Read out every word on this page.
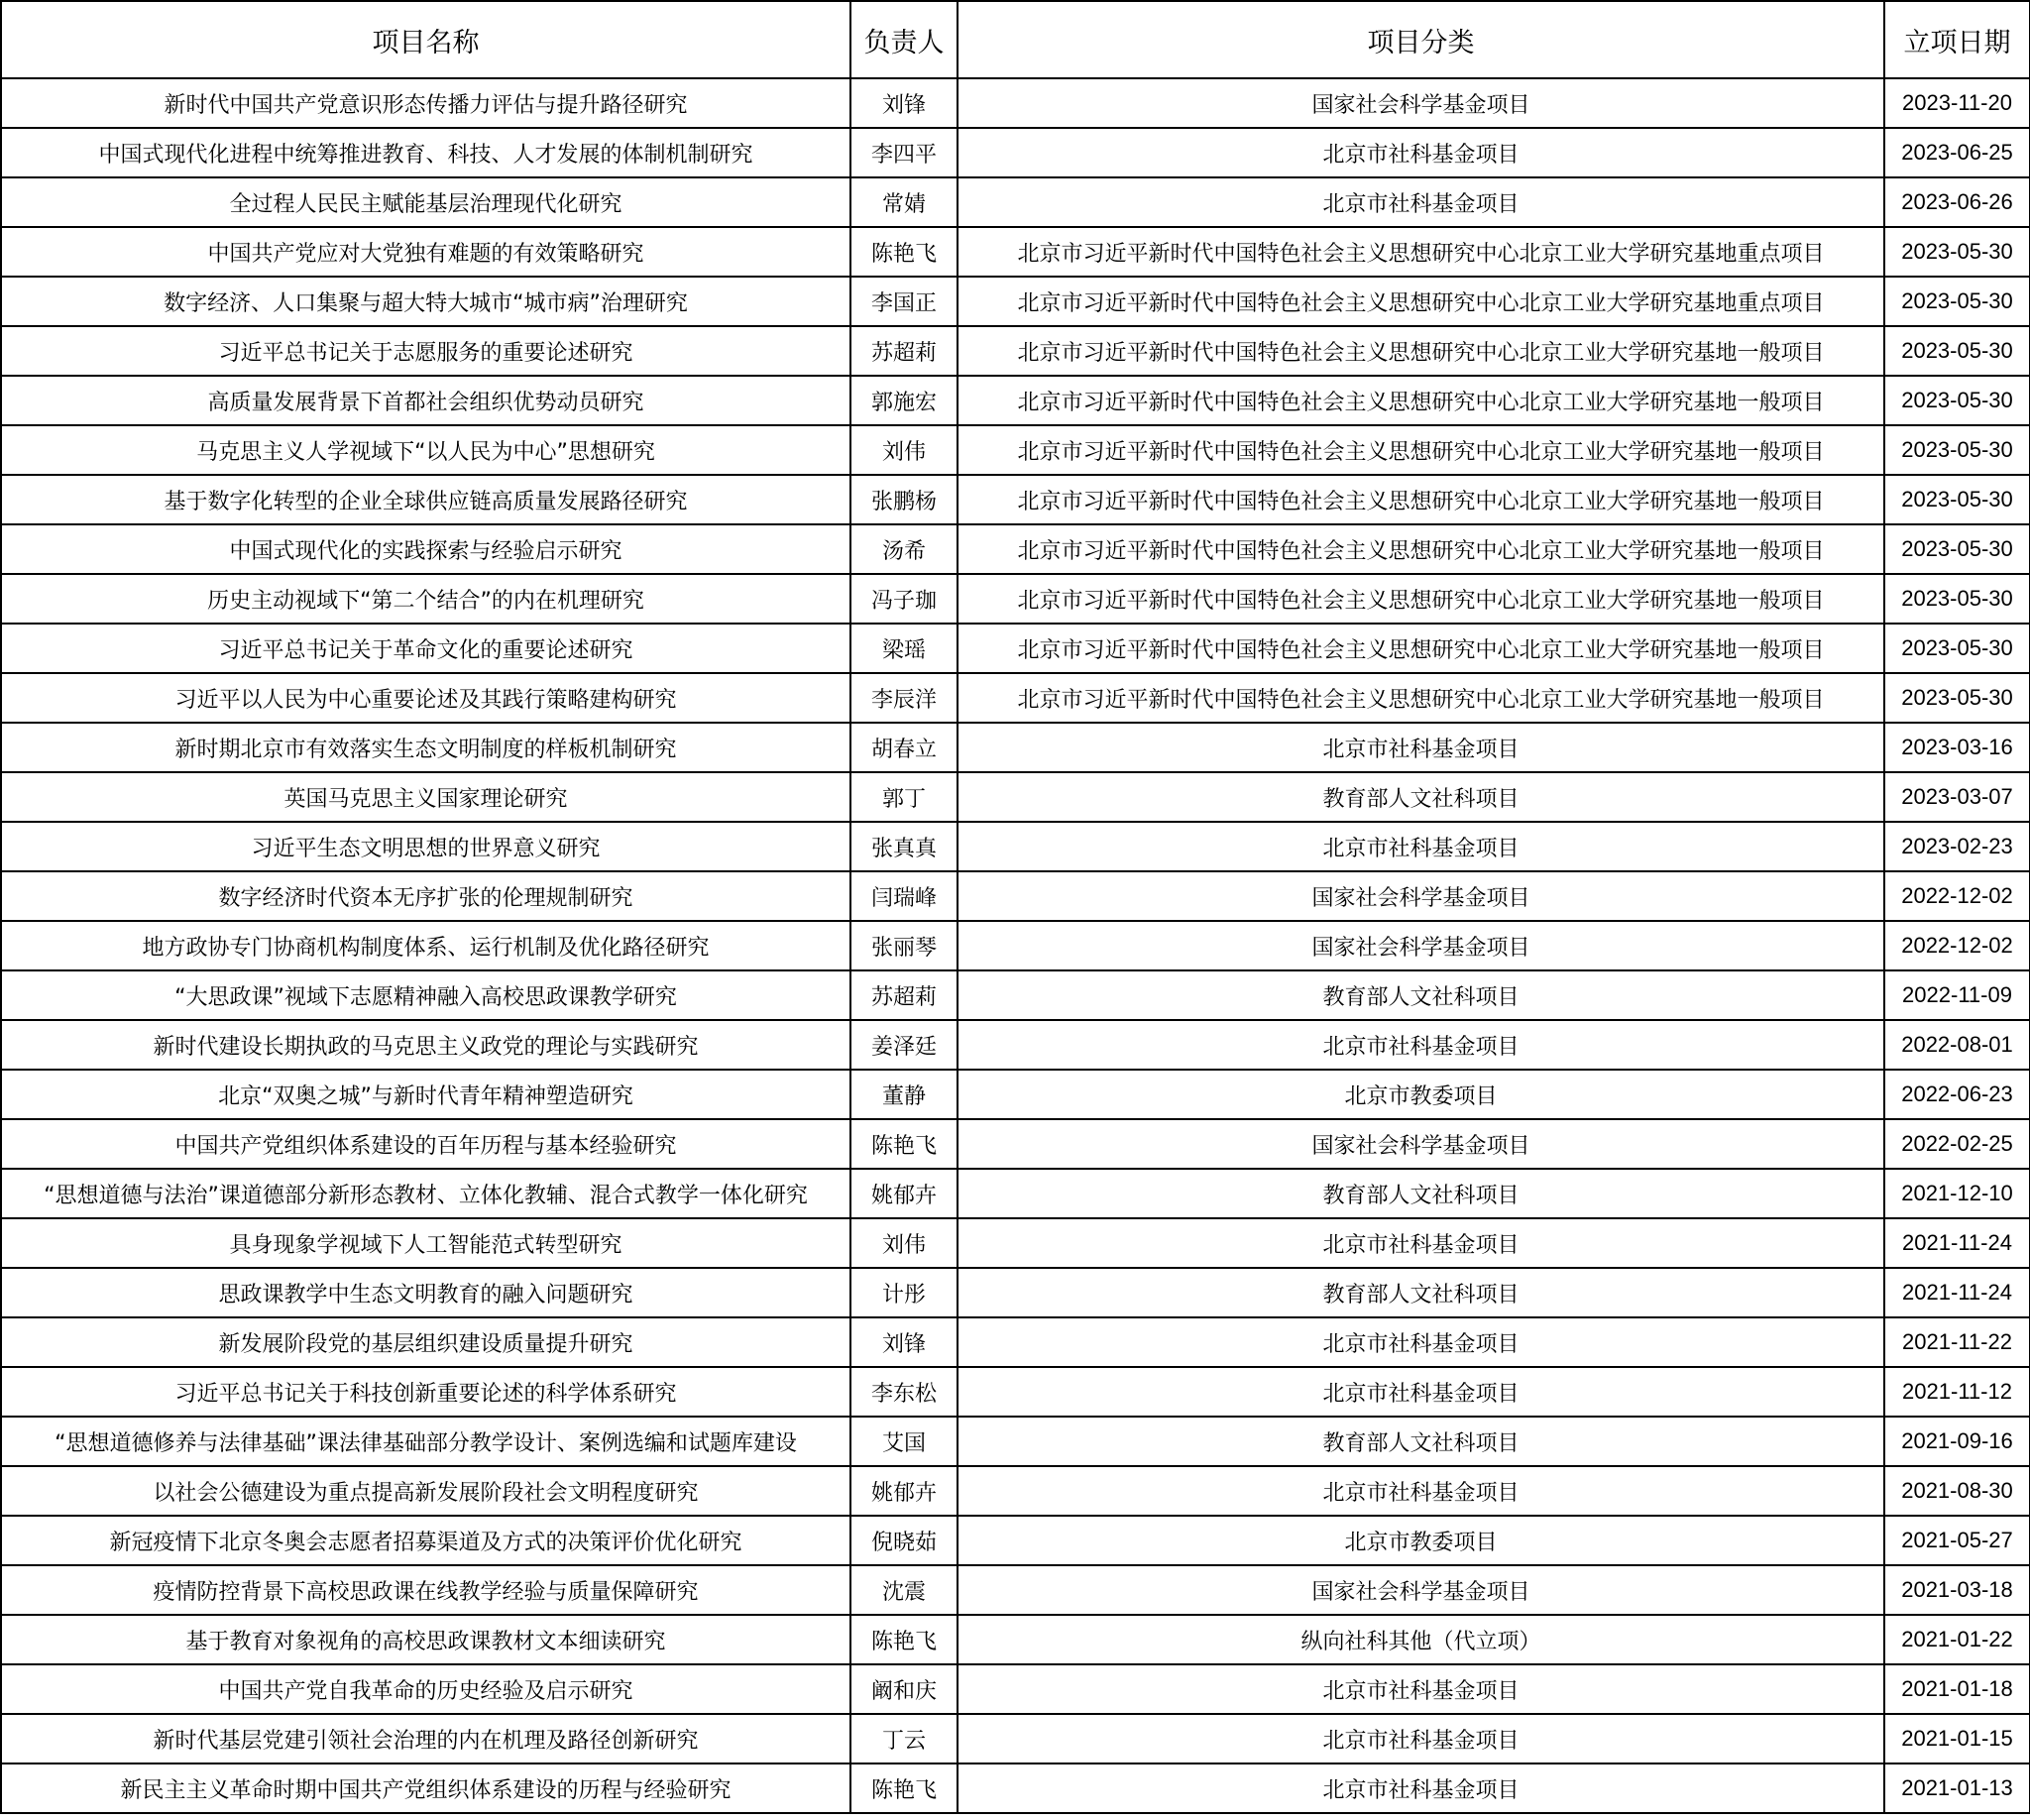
项目名称	负责人	项目分类	立项日期
新时代中国共产党意识形态传播力评估与提升路径研究	刘锋	国家社会科学基金项目	2023-11-20
中国式现代化进程中统筹推进教育、科技、人才发展的体制机制研究	李四平	北京市社科基金项目	2023-06-25
全过程人民民主赋能基层治理现代化研究	常婧	北京市社科基金项目	2023-06-26
中国共产党应对大党独有难题的有效策略研究	陈艳飞	北京市习近平新时代中国特色社会主义思想研究中心北京工业大学研究基地重点项目	2023-05-30
数字经济、人口集聚与超大特大城市“城市病”治理研究	李国正	北京市习近平新时代中国特色社会主义思想研究中心北京工业大学研究基地重点项目	2023-05-30
习近平总书记关于志愿服务的重要论述研究	苏超莉	北京市习近平新时代中国特色社会主义思想研究中心北京工业大学研究基地一般项目	2023-05-30
高质量发展背景下首都社会组织优势动员研究	郭施宏	北京市习近平新时代中国特色社会主义思想研究中心北京工业大学研究基地一般项目	2023-05-30
马克思主义人学视域下“以人民为中心”思想研究	刘伟	北京市习近平新时代中国特色社会主义思想研究中心北京工业大学研究基地一般项目	2023-05-30
基于数字化转型的企业全球供应链高质量发展路径研究	张鹏杨	北京市习近平新时代中国特色社会主义思想研究中心北京工业大学研究基地一般项目	2023-05-30
中国式现代化的实践探索与经验启示研究	汤希	北京市习近平新时代中国特色社会主义思想研究中心北京工业大学研究基地一般项目	2023-05-30
历史主动视域下“第二个结合”的内在机理研究	冯子珈	北京市习近平新时代中国特色社会主义思想研究中心北京工业大学研究基地一般项目	2023-05-30
习近平总书记关于革命文化的重要论述研究	梁瑶	北京市习近平新时代中国特色社会主义思想研究中心北京工业大学研究基地一般项目	2023-05-30
习近平以人民为中心重要论述及其践行策略建构研究	李辰洋	北京市习近平新时代中国特色社会主义思想研究中心北京工业大学研究基地一般项目	2023-05-30
新时期北京市有效落实生态文明制度的样板机制研究	胡春立	北京市社科基金项目	2023-03-16
英国马克思主义国家理论研究	郭丁	教育部人文社科项目	2023-03-07
习近平生态文明思想的世界意义研究	张真真	北京市社科基金项目	2023-02-23
数字经济时代资本无序扩张的伦理规制研究	闫瑞峰	国家社会科学基金项目	2022-12-02
地方政协专门协商机构制度体系、运行机制及优化路径研究	张丽琴	国家社会科学基金项目	2022-12-02
“大思政课”视域下志愿精神融入高校思政课教学研究	苏超莉	教育部人文社科项目	2022-11-09
新时代建设长期执政的马克思主义政党的理论与实践研究	姜泽廷	北京市社科基金项目	2022-08-01
北京“双奥之城”与新时代青年精神塑造研究	董静	北京市教委项目	2022-06-23
中国共产党组织体系建设的百年历程与基本经验研究	陈艳飞	国家社会科学基金项目	2022-02-25
“思想道德与法治”课道德部分新形态教材、立体化教辅、混合式教学一体化研究	姚郁卉	教育部人文社科项目	2021-12-10
具身现象学视域下人工智能范式转型研究	刘伟	北京市社科基金项目	2021-11-24
思政课教学中生态文明教育的融入问题研究	计彤	教育部人文社科项目	2021-11-24
新发展阶段党的基层组织建设质量提升研究	刘锋	北京市社科基金项目	2021-11-22
习近平总书记关于科技创新重要论述的科学体系研究	李东松	北京市社科基金项目	2021-11-12
“思想道德修养与法律基础”课法律基础部分教学设计、案例选编和试题库建设	艾国	教育部人文社科项目	2021-09-16
以社会公德建设为重点提高新发展阶段社会文明程度研究	姚郁卉	北京市社科基金项目	2021-08-30
新冠疫情下北京冬奥会志愿者招募渠道及方式的决策评价优化研究	倪晓茹	北京市教委项目	2021-05-27
疫情防控背景下高校思政课在线教学经验与质量保障研究	沈震	国家社会科学基金项目	2021-03-18
基于教育对象视角的高校思政课教材文本细读研究	陈艳飞	纵向社科其他（代立项）	2021-01-22
中国共产党自我革命的历史经验及启示研究	阚和庆	北京市社科基金项目	2021-01-18
新时代基层党建引领社会治理的内在机理及路径创新研究	丁云	北京市社科基金项目	2021-01-15
新民主主义革命时期中国共产党组织体系建设的历程与经验研究	陈艳飞	北京市社科基金项目	2021-01-13
